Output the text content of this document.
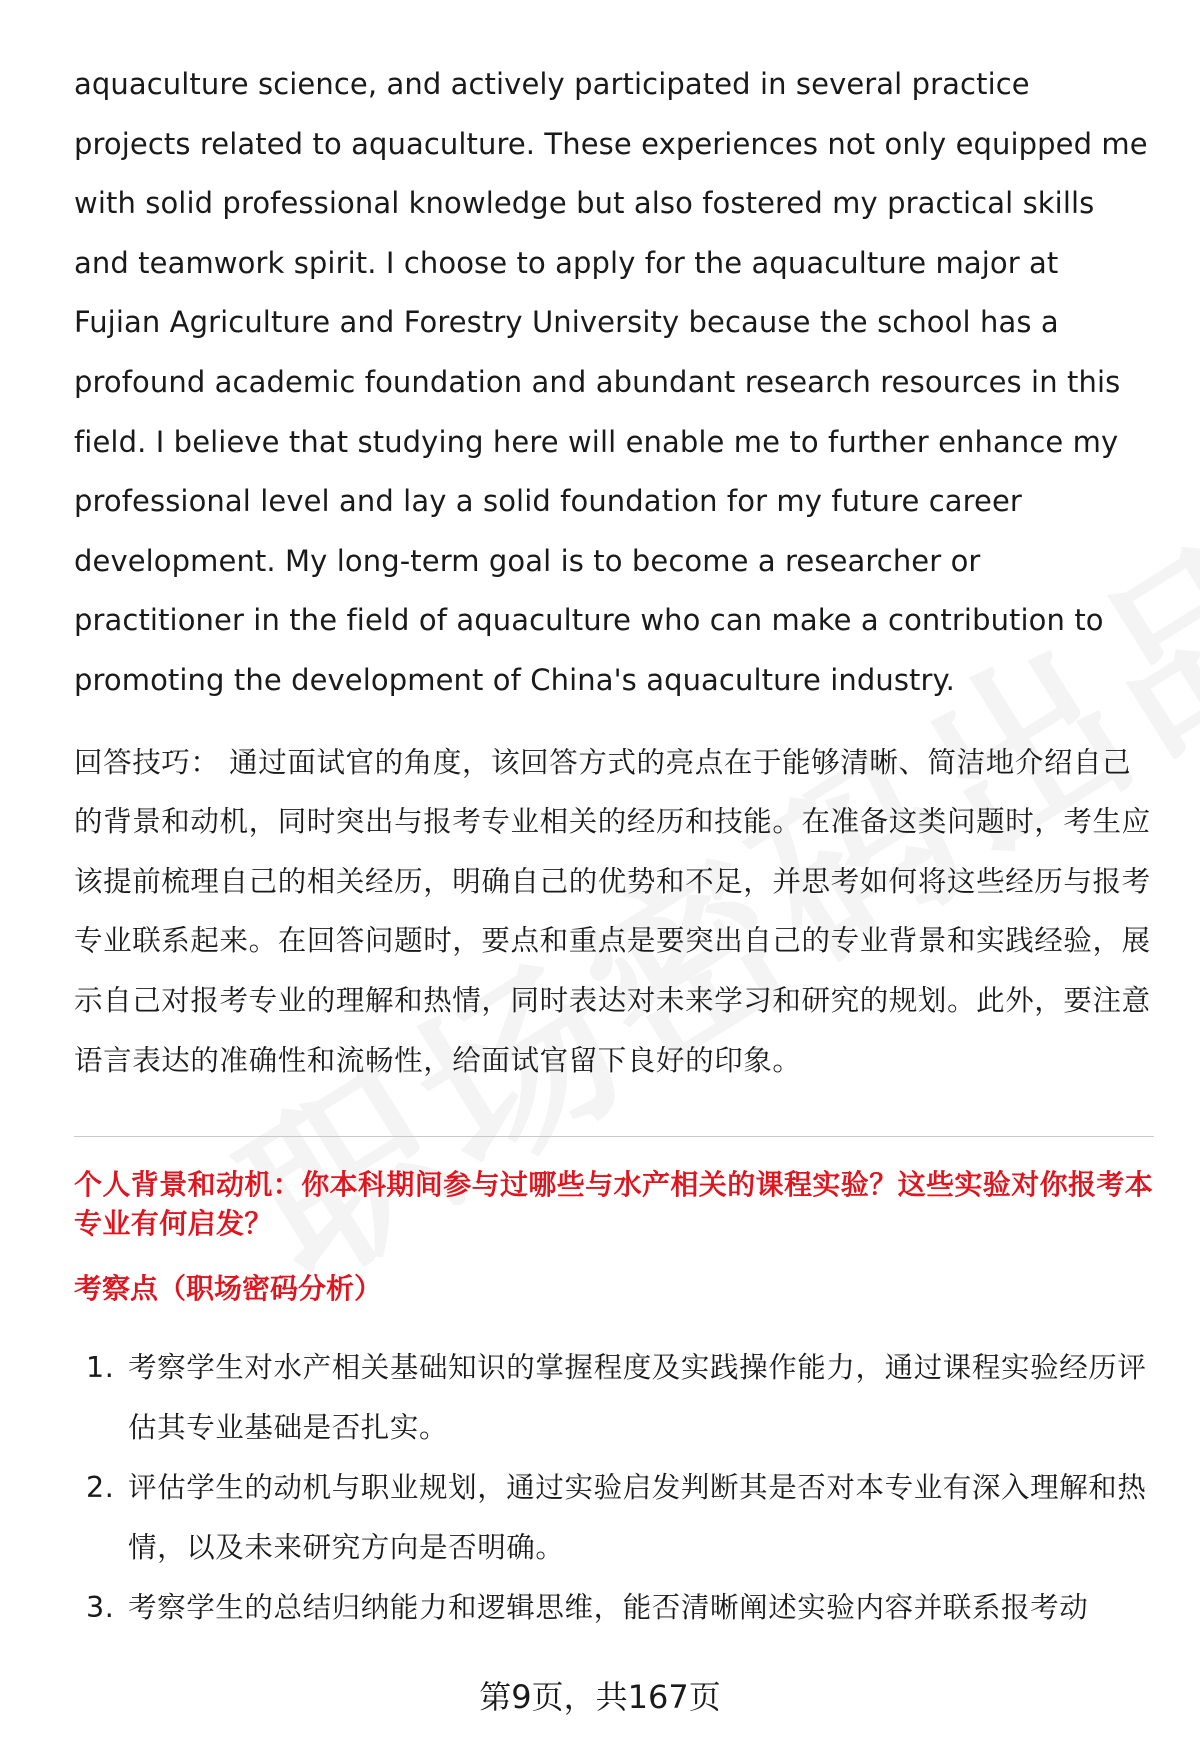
aquaculture science, and actively participated in several practice projects related to aquaculture. These experiences not only equipped me with solid professional knowledge but also fostered my practical skills and teamwork spirit. I choose to apply for the aquaculture major at Fujian Agriculture and Forestry University because the school has a profound academic foundation and abundant research resources in this field. I believe that studying here will enable me to further enhance my professional level and lay a solid foundation for my future career development. My long-term goal is to become a researcher or practitioner in the field of aquaculture who can make a contribution to promoting the development of China's aquaculture industry.

回答技巧： 通过面试官的角度，该回答方式的亮点在于能够清晰、简洁地介绍自己的背景和动机，同时突出与报考专业相关的经历和技能。在准备这类问题时，考生应该提前梳理自己的相关经历，明确自己的优势和不足，并思考如何将这些经历与报考专业联系起来。在回答问题时，要点和重点是要突出自己的专业背景和实践经验，展示自己对报考专业的理解和热情，同时表达对未来学习和研究的规划。此外，要注意语言表达的准确性和流畅性，给面试官留下良好的印象。

个人背景和动机：你本科期间参与过哪些与水产相关的课程实验？这些实验对你报考本专业有何启发？

考察点（职场密码分析）

1. 考察学生对水产相关基础知识的掌握程度及实践操作能力，通过课程实验经历评估其专业基础是否扎实。
2. 评估学生的动机与职业规划，通过实验启发判断其是否对本专业有深入理解和热情，以及未来研究方向是否明确。
3. 考察学生的总结归纳能力和逻辑思维，能否清晰阐述实验内容并联系报考动
第9页，共167页
